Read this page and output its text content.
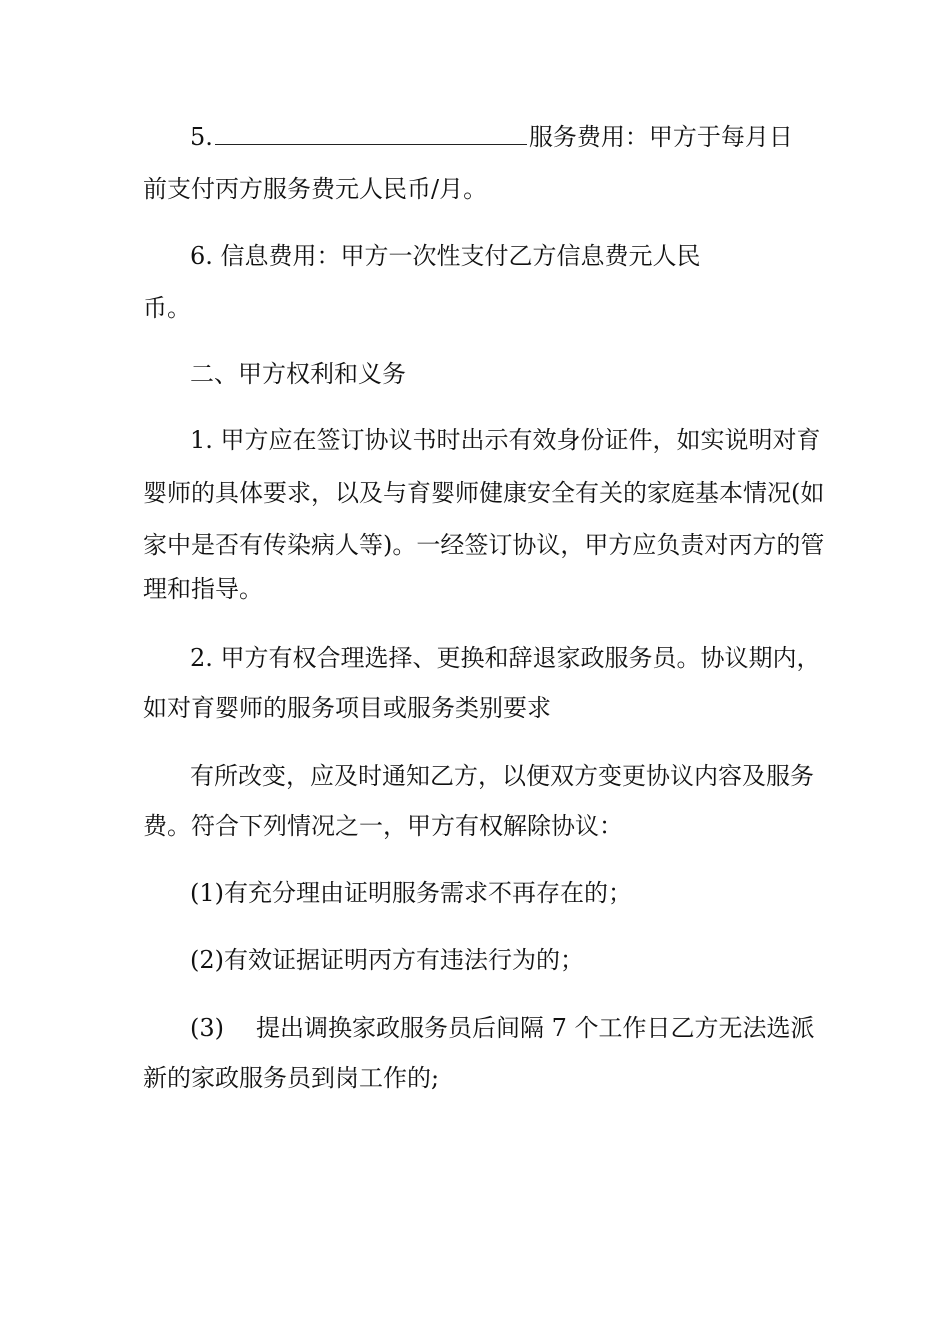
5.	服务费用：甲方于每月日
前支付丙方服务费元人民币/月。
6. 信息费用：甲方一次性支付乙方信息费元人民
币。
二、甲方权利和义务
1. 甲方应在签订协议书时出示有效身份证件，如实说明对育
婴师的具体要求，以及与育婴师健康安全有关的家庭基本情况(如
家中是否有传染病人等)。一经签订协议，甲方应负责对丙方的管
理和指导。
2. 甲方有权合理选择、更换和辞退家政服务员。协议期内，
如对育婴师的服务项目或服务类别要求
有所改变，应及时通知乙方，以便双方变更协议内容及服务
费。符合下列情况之一，甲方有权解除协议：
(1)有充分理由证明服务需求不再存在的；
(2)有效证据证明丙方有违法行为的；
(3) 提出调换家政服务员后间隔 7 个工作日乙方无法选派
新的家政服务员到岗工作的;
